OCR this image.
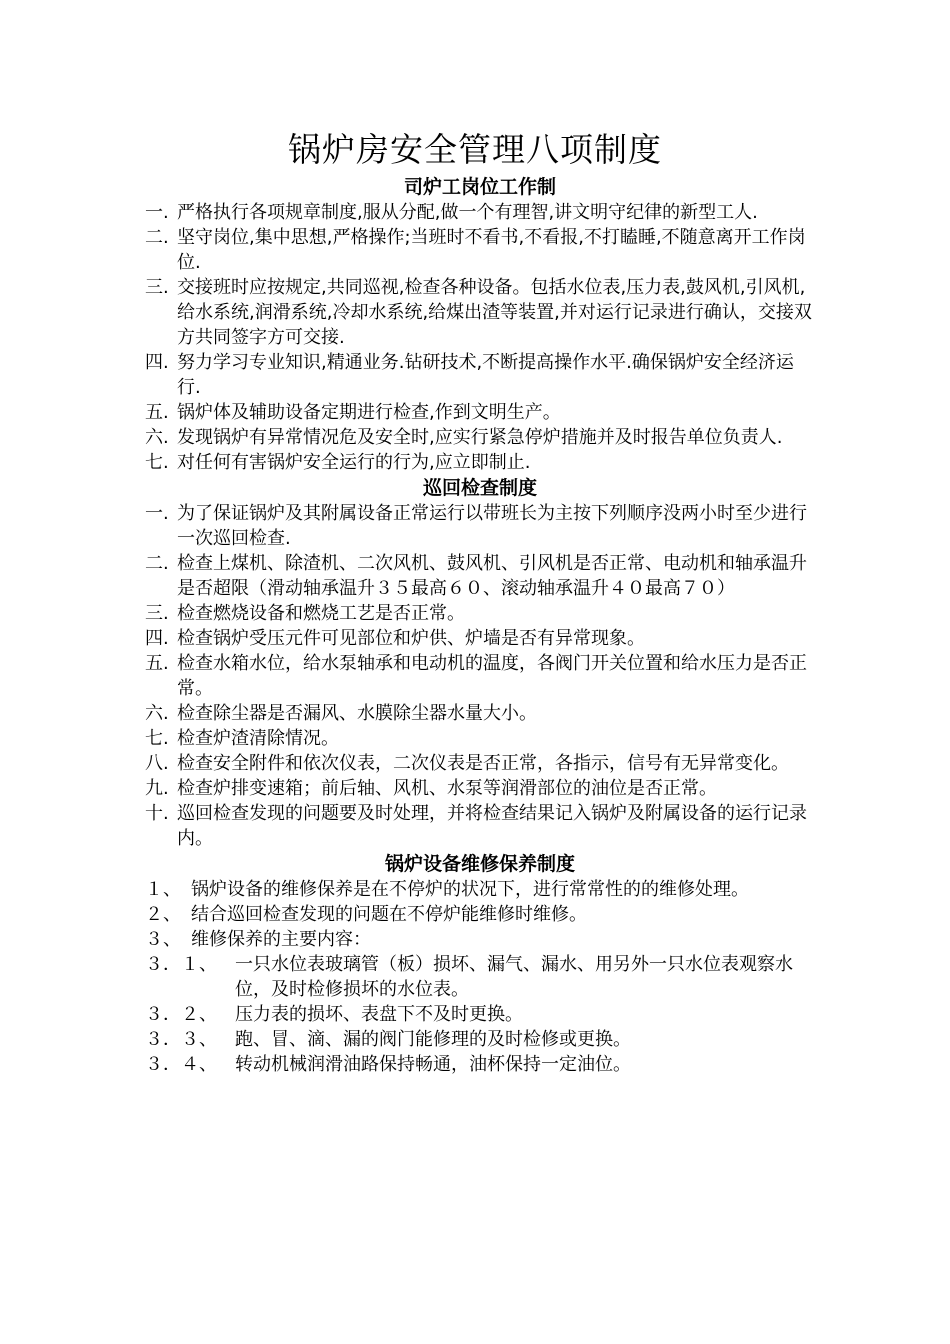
锅炉房安全管理八项制度
司炉工岗位工作制
一. 严格执行各项规章制度,服从分配,做一个有理智,讲文明守纪律的新型工人.
二. 坚守岗位,集中思想,严格操作;当班时不看书,不看报,不打瞌睡,不随意离开工作岗位.
三. 交接班时应按规定,共同巡视,检查各种设备。包括水位表,压力表,鼓风机,引风机,给水系统,润滑系统,冷却水系统,给煤出渣等装置,并对运行记录进行确认，交接双方共同签字方可交接.
四. 努力学习专业知识,精通业务.钻研技术,不断提高操作水平.确保锅炉安全经济运行.
五. 锅炉体及辅助设备定期进行检查,作到文明生产。
六. 发现锅炉有异常情况危及安全时,应实行紧急停炉措施并及时报告单位负责人.
七. 对任何有害锅炉安全运行的行为,应立即制止.
巡回检查制度
一. 为了保证锅炉及其附属设备正常运行以带班长为主按下列顺序没两小时至少进行一次巡回检查.
二. 检查上煤机、除渣机、二次风机、鼓风机、引风机是否正常、电动机和轴承温升是否超限（滑动轴承温升３５最高６０、滚动轴承温升４０最高７０）
三. 检查燃烧设备和燃烧工艺是否正常。
四. 检查锅炉受压元件可见部位和炉供、炉墙是否有异常现象。
五. 检查水箱水位，给水泵轴承和电动机的温度，各阀门开关位置和给水压力是否正常。
六. 检查除尘器是否漏风、水膜除尘器水量大小。
七. 检查炉渣清除情况。
八. 检查安全附件和依次仪表，二次仪表是否正常，各指示，信号有无异常变化。
九. 检查炉排变速箱；前后轴、风机、水泵等润滑部位的油位是否正常。
十. 巡回检查发现的问题要及时处理，并将检查结果记入锅炉及附属设备的运行记录内。
锅炉设备维修保养制度
１、 锅炉设备的维修保养是在不停炉的状况下，进行常常性的的维修处理。
２、 结合巡回检查发现的问题在不停炉能维修时维修。
３、 维修保养的主要内容：
３．１、	一只水位表玻璃管（板）损坏、漏气、漏水、用另外一只水位表观察水位，及时检修损坏的水位表。
３．２、	压力表的损坏、表盘下不及时更换。
３．３、	跑、冒、滴、漏的阀门能修理的及时检修或更换。
３．４、	转动机械润滑油路保持畅通，油杯保持一定油位。
